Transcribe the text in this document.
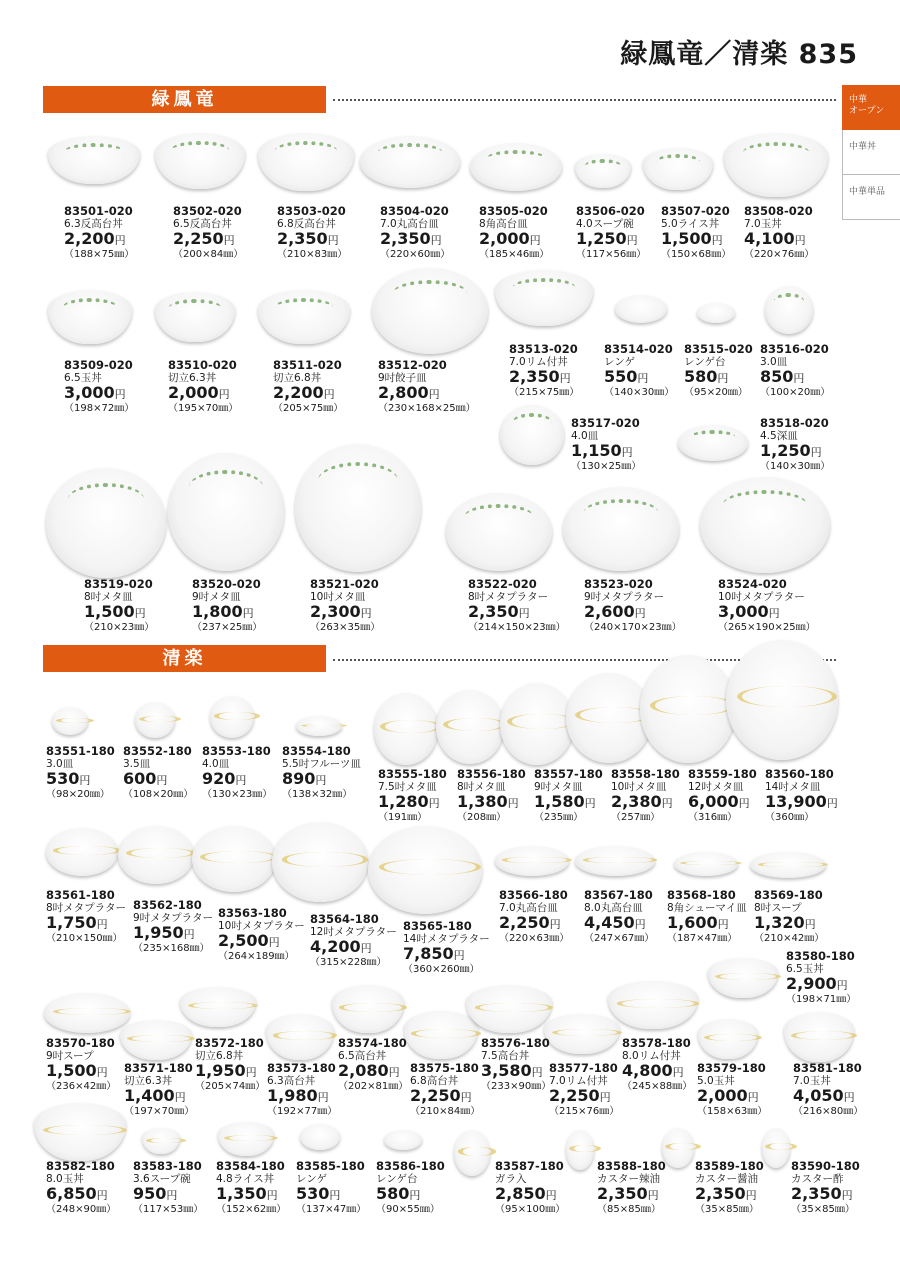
緑鳳竜／清楽 835
中華
オープン
中華丼
中華単品
緑鳳竜
清楽
83501-020
6.3反高台丼
2,200円
（188×75㎜）
83502-020
6.5反高台丼
2,250円
（200×84㎜）
83503-020
6.8反高台丼
2,350円
（210×83㎜）
83504-020
7.0丸高台皿
2,350円
（220×60㎜）
83505-020
8角高台皿
2,000円
（185×46㎜）
83506-020
4.0スープ碗
1,250円
（117×56㎜）
83507-020
5.0ライス丼
1,500円
（150×68㎜）
83508-020
7.0玉丼
4,100円
（220×76㎜）
83509-020
6.5玉丼
3,000円
（198×72㎜）
83510-020
切立6.3丼
2,000円
（195×70㎜）
83511-020
切立6.8丼
2,200円
（205×75㎜）
83512-020
9吋餃子皿
2,800円
（230×168×25㎜）
83513-020
7.0リム付丼
2,350円
（215×75㎜）
83514-020
レンゲ
550円
（140×30㎜）
83515-020
レンゲ台
580円
（95×20㎜）
83516-020
3.0皿
850円
（100×20㎜）
83517-020
4.0皿
1,150円
（130×25㎜）
83518-020
4.5深皿
1,250円
（140×30㎜）
83519-020
8吋メタ皿
1,500円
（210×23㎜）
83520-020
9吋メタ皿
1,800円
（237×25㎜）
83521-020
10吋メタ皿
2,300円
（263×35㎜）
83522-020
8吋メタプラター
2,350円
（214×150×23㎜）
83523-020
9吋メタプラター
2,600円
（240×170×23㎜）
83524-020
10吋メタプラター
3,000円
（265×190×25㎜）
83551-180
3.0皿
530円
（98×20㎜）
83552-180
3.5皿
600円
（108×20㎜）
83553-180
4.0皿
920円
（130×23㎜）
83554-180
5.5吋フルーツ皿
890円
（138×32㎜）
83555-180
7.5吋メタ皿
1,280円
（191㎜）
83556-180
8吋メタ皿
1,380円
（208㎜）
83557-180
9吋メタ皿
1,580円
（235㎜）
83558-180
10吋メタ皿
2,380円
（257㎜）
83559-180
12吋メタ皿
6,000円
（316㎜）
83560-180
14吋メタ皿
13,900円
（360㎜）
83561-180
8吋メタプラター
1,750円
（210×150㎜）
83562-180
9吋メタプラター
1,950円
（235×168㎜）
83563-180
10吋メタプラター
2,500円
（264×189㎜）
83564-180
12吋メタプラター
4,200円
（315×228㎜）
83565-180
14吋メタプラター
7,850円
（360×260㎜）
83566-180
7.0丸高台皿
2,250円
（220×63㎜）
83567-180
8.0丸高台皿
4,450円
（247×67㎜）
83568-180
8角シューマイ皿
1,600円
（187×47㎜）
83569-180
8吋スープ
1,320円
（210×42㎜）
83580-180
6.5玉丼
2,900円
（198×71㎜）
83570-180
9吋スープ
1,500円
（236×42㎜）
83571-180
切立6.3丼
1,400円
（197×70㎜）
83572-180
切立6.8丼
1,950円
（205×74㎜）
83573-180
6.3高台丼
1,980円
（192×77㎜）
83574-180
6.5高台丼
2,080円
（202×81㎜）
83575-180
6.8高台丼
2,250円
（210×84㎜）
83576-180
7.5高台丼
3,580円
（233×90㎜）
83577-180
7.0リム付丼
2,250円
（215×76㎜）
83578-180
8.0リム付丼
4,800円
（245×88㎜）
83579-180
5.0玉丼
2,000円
（158×63㎜）
83581-180
7.0玉丼
4,050円
（216×80㎜）
83582-180
8.0玉丼
6,850円
（248×90㎜）
83583-180
3.6スープ碗
950円
（117×53㎜）
83584-180
4.8ライス丼
1,350円
（152×62㎜）
83585-180
レンゲ
530円
（137×47㎜）
83586-180
レンゲ台
580円
（90×55㎜）
83587-180
ガラ入
2,850円
（95×100㎜）
83588-180
カスター辣油
2,350円
（85×85㎜）
83589-180
カスター醤油
2,350円
（35×85㎜）
83590-180
カスター酢
2,350円
（35×85㎜）
